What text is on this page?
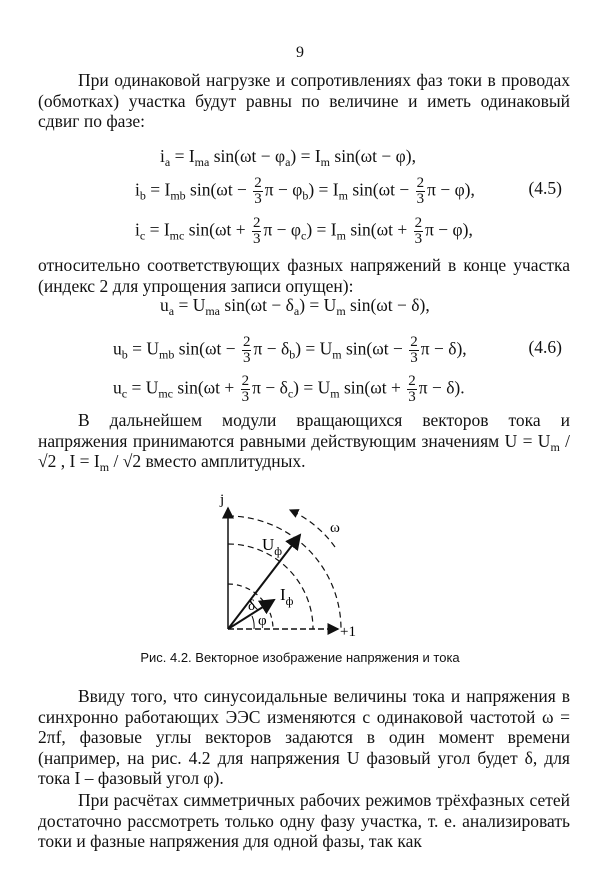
9

При одинаковой нагрузке и сопротивлениях фаз токи в проводах (обмотках) участка будут равны по величине и иметь одинаковый сдвиг по фазе:

$i_a = I_{ma}$ $\sin(\omega t - \varphi_a) = I_m$ sin(ωt − φ),
$i_b = I_{mb}$ $\sin(\omega t - \frac{2}{3}$ $\pi - \varphi_b) = I_m$ $\sin(\omega t - \frac{2}{3}$ π − φ),	(4.5)
$i_c = I_{mc}$ $\sin(\omega t + \frac{2}{3}$ $\pi - \varphi_c) = I_m$ $\sin(\omega t + \frac{2}{3}$ π − φ),

относительно соответствующих фазных напряжений в конце участка (индекс 2 для упрощения записи опущен):

$u_a = U_{ma}$ $\sin(\omega t - \delta_a) = U_m$ sin(ωt − δ),
$u_b = U_{mb}$ $\sin(\omega t - \frac{2}{3}$ $\pi - \delta_b) = U_m$ $\sin(\omega t - \frac{2}{3}$ π − δ),	(4.6)
$u_c = U_{mc}$ $\sin(\omega t + \frac{2}{3}$ $\pi - \delta_c) = U_m$ $\sin(\omega t + \frac{2}{3}$ π − δ).

В дальнейшем модули вращающихся векторов тока и напряжения принимаются равными действующим значениям $U = U_m / √2$ , $I = I_m / √2$ вместо амплитудных.

j
+1
ω
$U_ф$
$I_ф$
δ
φ
Рис. 4.2. Векторное изображение напряжения и тока

Ввиду того, что синусоидальные величины тока и напряжения в синхронно работающих ЭЭС изменяются с одинаковой частотой ω = 2πf, фазовые углы векторов задаются в один момент времени (например, на рис. 4.2 для напряжения U фазовый угол будет δ, для тока I – фазовый угол φ).

При расчётах симметричных рабочих режимов трёхфазных сетей достаточно рассмотреть только одну фазу участка, т. е. анализировать токи и фазные напряжения для одной фазы, так как
